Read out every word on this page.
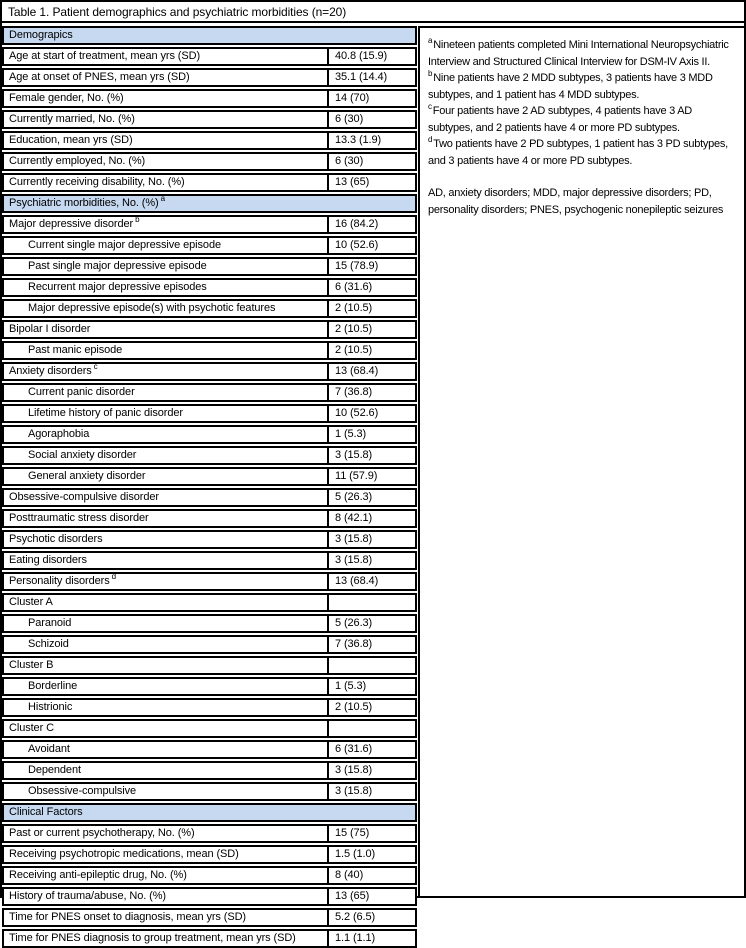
Table 1. Patient demographics and psychiatric morbidities (n=20)
Demograpics
Age at start of treatment, mean yrs (SD)	40.8 (15.9)
Age at onset of PNES, mean yrs (SD)	35.1 (14.4)
Female gender, No. (%)	14 (70)
Currently married, No. (%)	6 (30)
Education, mean yrs (SD)	13.3 (1.9)
Currently employed, No. (%)	6 (30)
Currently receiving disability, No. (%)	13 (65)
Psychiatric morbidities, No. (%) $^a$
Major depressive disorder $^b$	16 (84.2)
Current single major depressive episode	10 (52.6)
Past single major depressive episode	15 (78.9)
Recurrent major depressive episodes	6 (31.6)
Major depressive episode(s) with psychotic features	2 (10.5)
Bipolar I disorder	2 (10.5)
Past manic episode	2 (10.5)
Anxiety disorders $^c$	13 (68.4)
Current panic disorder	7 (36.8)
Lifetime history of panic disorder	10 (52.6)
Agoraphobia	1 (5.3)
Social anxiety disorder	3 (15.8)
General anxiety disorder	11 (57.9)
Obsessive-compulsive disorder	5 (26.3)
Posttraumatic stress disorder	8 (42.1)
Psychotic disorders	3 (15.8)
Eating disorders	3 (15.8)
Personality disorders $^d$	13 (68.4)
Cluster A
Paranoid	5 (26.3)
Schizoid	7 (36.8)
Cluster B
Borderline	1 (5.3)
Histrionic	2 (10.5)
Cluster C
Avoidant	6 (31.6)
Dependent	3 (15.8)
Obsessive-compulsive	3 (15.8)
Clinical Factors
Past or current psychotherapy, No. (%)	15 (75)
Receiving psychotropic medications, mean (SD)	1.5 (1.0)
Receiving anti-epileptic drug, No. (%)	8 (40)
History of trauma/abuse, No. (%)	13 (65)
Time for PNES onset to diagnosis, mean yrs (SD)	5.2 (6.5)
Time for PNES diagnosis to group treatment, mean yrs (SD)	1.1 (1.1)

$^a$Nineteen patients completed Mini International Neuropsychiatric Interview and Structured Clinical Interview for DSM-IV Axis II.

$^b$Nine patients have 2 MDD subtypes, 3 patients have 3 MDD subtypes, and 1 patient has 4 MDD subtypes.

$^c$Four patients have 2 AD subtypes, 4 patients have 3 AD subtypes, and 2 patients have 4 or more PD subtypes.

$^d$Two patients have 2 PD subtypes, 1 patient has 3 PD subtypes, and 3 patients have 4 or more PD subtypes.

AD, anxiety disorders; MDD, major depressive disorders; PD, personality disorders; PNES, psychogenic nonepileptic seizures
